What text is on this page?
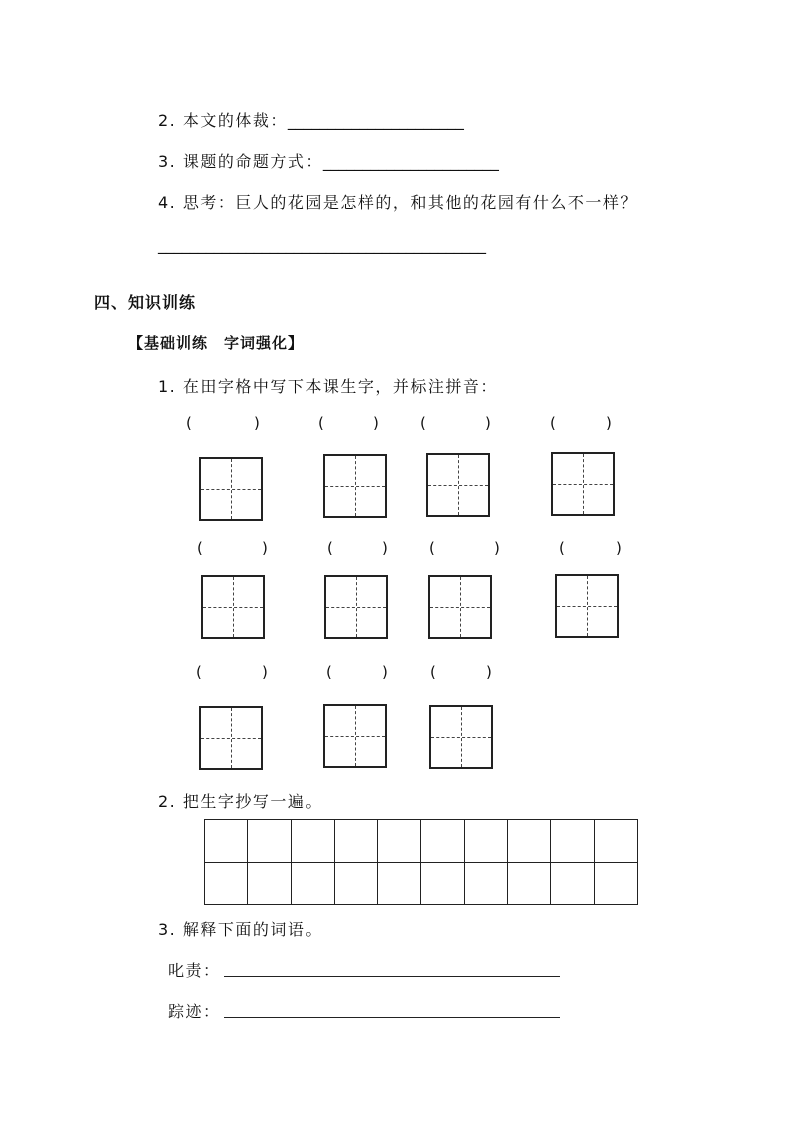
2. 本文的体裁：______________________
3. 课题的命题方式：______________________
4. 思考：巨人的花园是怎样的，和其他的花园有什么不一样？
_________________________________________
四、知识训练
【基础训练　字词强化】
1. 在田字格中写下本课生字，并标注拼音：
(	)	(	)	(	)	(	)
(	)	(	)	(	)	(	)
(	)	(	)	(	)
2. 把生字抄写一遍。

3. 解释下面的词语。
叱责：
踪迹：
